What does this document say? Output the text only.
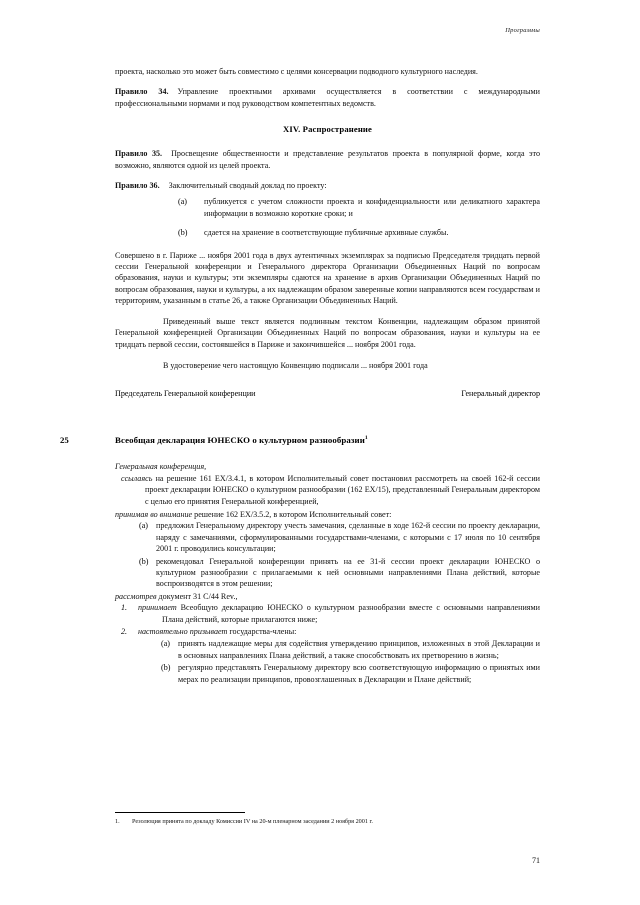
Программы

проекта, насколько это может быть совместимо с целями консервации подводного культурного наследия.

Правило 34. Управление проектными архивами осуществляется в соответствии с международными профессиональными нормами и под руководством компетентных ведомств.

XIV. Распространение

Правило 35. Просвещение общественности и представление результатов проекта в популярной форме, когда это возможно, являются одной из целей проекта.

Правило 36. Заключительный сводный доклад по проекту:

(a)	публикуется с учетом сложности проекта и конфиденциальности или деликатного характера информации в возможно короткие сроки; и
(b)	сдается на хранение в соответствующие публичные архивные службы.

Совершено в г. Париже ... ноября 2001 года в двух аутентичных экземплярах за подписью Председателя тридцать первой сессии Генеральной конференции и Генерального директора Организации Объединенных Наций по вопросам образования, науки и культуры; эти экземпляры сдаются на хранение в архив Организации Объединенных Наций по вопросам образования, науки и культуры, а их надлежащим образом заверенные копии направляются всем государствам и территориям, указанным в статье 26, а также Организации Объединенных Наций.

Приведенный выше текст является подлинным текстом Конвенции, надлежащим образом принятой Генеральной конференцией Организации Объединенных Наций по вопросам образования, науки и культуры на ее тридцать первой сессии, состоявшейся в Париже и закончившейся ... ноября 2001 года.

В удостоверение чего настоящую Конвенцию подписали ... ноября 2001 года

Председатель Генеральной конференции	Генеральный директор
25	Всеобщая декларация ЮНЕСКО о культурном разнообразии$^1$

Генеральная конференция,

ссылаясь на решение 161 EX/3.4.1, в котором Исполнительный совет постановил рассмотреть на своей 162-й сессии проект декларации ЮНЕСКО о культурном разнообразии (162 EX/15), представленный Генеральным директором с целью его принятия Генеральной конференцией,

принимая во внимание решение 162 EX/3.5.2, в котором Исполнительный совет:

(a) предложил Генеральному директору учесть замечания, сделанные в ходе 162-й сессии по проекту декларации, наряду с замечаниями, сформулированными государствами-членами, с которыми с 17 июля по 10 сентября 2001 г. проводились консультации;
(b) рекомендовал Генеральной конференции принять на ее 31-й сессии проект декларации ЮНЕСКО о культурном разнообразии с прилагаемыми к ней основными направлениями Плана действий, которые воспроизводятся в этом решении;

рассмотрев документ 31 C/44 Rev.,

1.	принимает Всеобщую декларацию ЮНЕСКО о культурном разнообразии вместе с основными направлениями Плана действий, которые прилагаются ниже;
2.	настоятельно призывает государства-члены:
(a) принять надлежащие меры для содействия утверждению принципов, изложенных в этой Декларации и в основных направлениях Плана действий, а также способствовать их претворению в жизнь;
(b) регулярно представлять Генеральному директору всю соответствующую информацию о принятых ими мерах по реализации принципов, провозглашенных в Декларации и Плане действий;
1.	Резолюция принята по докладу Комиссии IV на 20-м пленарном заседании 2 ноября 2001 г.
71
